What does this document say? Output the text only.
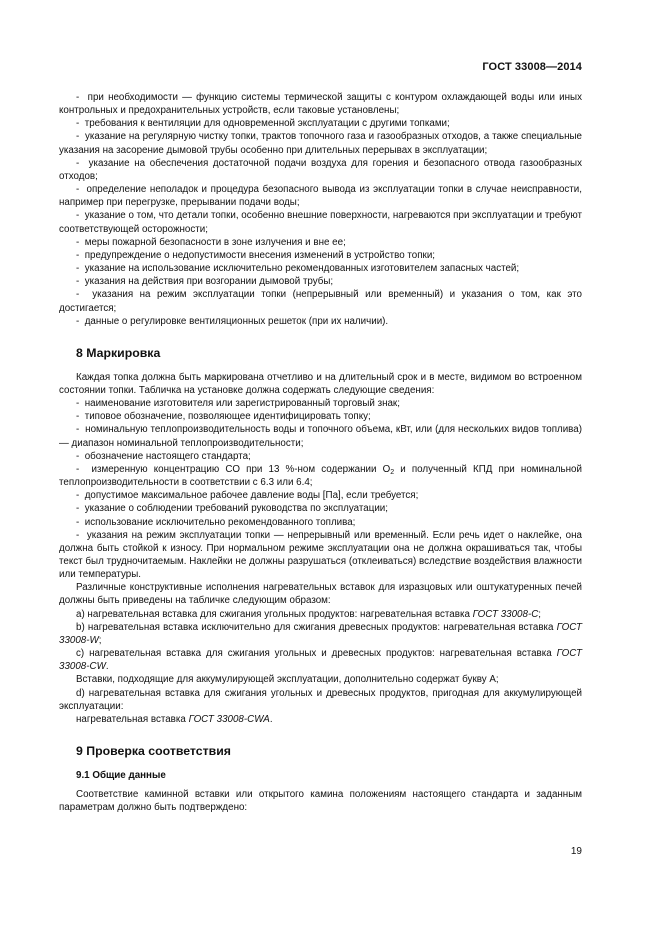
ГОСТ 33008—2014

-  при необходимости — функцию системы термической защиты с контуром охлаждающей воды или иных контрольных и предохранительных устройств, если таковые установлены;

-  требования к вентиляции для одновременной эксплуатации с другими топками;

-  указание на регулярную чистку топки, трактов топочного газа и газообразных отходов, а также специальные указания на засорение дымовой трубы особенно при длительных перерывах в эксплуатации;

-  указание на обеспечения достаточной подачи воздуха для горения и безопасного отвода газообразных отходов;

-  определение неполадок и процедура безопасного вывода из эксплуатации топки в случае неисправности, например при перегрузке, прерывании подачи воды;

-  указание о том, что детали топки, особенно внешние поверхности, нагреваются при эксплуатации и требуют соответствующей осторожности;

-  меры пожарной безопасности в зоне излучения и вне ее;

-  предупреждение о недопустимости внесения изменений в устройство топки;

-  указание на использование исключительно рекомендованных изготовителем запасных частей;

-  указания на действия при возгорании дымовой трубы;

-  указания на режим эксплуатации топки (непрерывный или временный) и указания о том, как это достигается;

-  данные о регулировке вентиляционных решеток (при их наличии).

8 Маркировка

Каждая топка должна быть маркирована отчетливо и на длительный срок и в месте, видимом во встроенном состоянии топки. Табличка на установке должна содержать следующие сведения:

-  наименование изготовителя или зарегистрированный торговый знак;

-  типовое обозначение, позволяющее идентифицировать топку;

-  номинальную теплопроизводительность воды и топочного объема, кВт, или (для нескольких видов топлива) — диапазон номинальной теплопроизводительности;

-  обозначение настоящего стандарта;

-  измеренную концентрацию CO при 13 %-ном содержании $O_2$ и полученный КПД при номинальной теплопроизводительности в соответствии с 6.3 или 6.4;

-  допустимое максимальное рабочее давление воды [Па], если требуется;

-  указание о соблюдении требований руководства по эксплуатации;

-  использование исключительно рекомендованного топлива;

-  указания на режим эксплуатации топки — непрерывный или временный. Если речь идет о наклейке, она должна быть стойкой к износу. При нормальном режиме эксплуатации она не должна окрашиваться так, чтобы текст был трудночитаемым. Наклейки не должны разрушаться (отклеиваться) вследствие воздействия влажности или температуры.

Различные конструктивные исполнения нагревательных вставок для изразцовых или оштукатуренных печей должны быть приведены на табличке следующим образом:

a) нагревательная вставка для сжигания угольных продуктов: нагревательная вставка ГОСТ 33008-C;

b) нагревательная вставка исключительно для сжигания древесных продуктов: нагревательная вставка ГОСТ 33008-W;

c) нагревательная вставка для сжигания угольных и древесных продуктов: нагревательная вставка ГОСТ 33008-CW.

Вставки, подходящие для аккумулирующей эксплуатации, дополнительно содержат букву А;

d) нагревательная вставка для сжигания угольных и древесных продуктов, пригодная для аккумулирующей эксплуатации:

нагревательная вставка ГОСТ 33008-CWA.

9 Проверка соответствия
9.1 Общие данные

Соответствие каминной вставки или открытого камина положениям настоящего стандарта и заданным параметрам должно быть подтверждено:

19
